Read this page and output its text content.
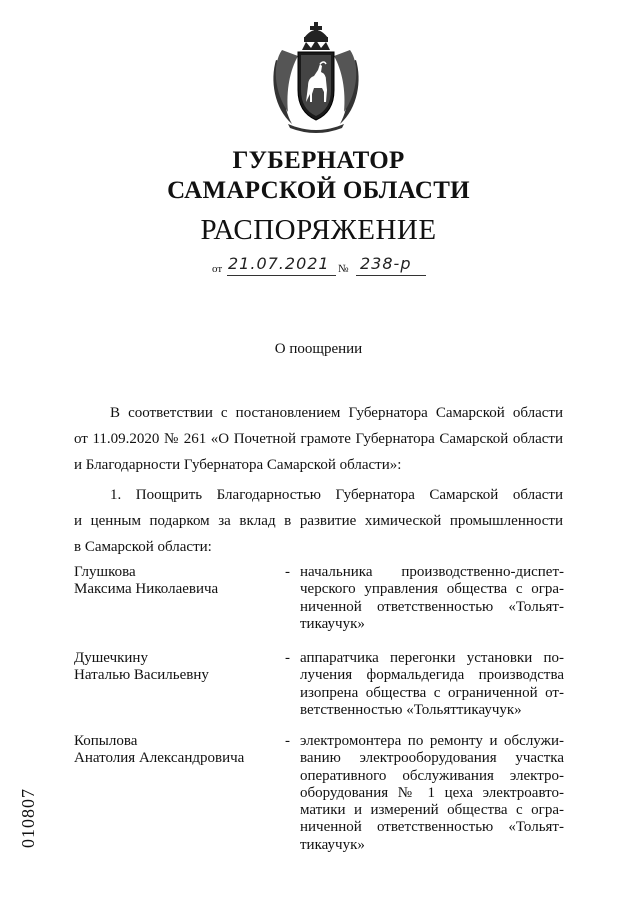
ГУБЕРНАТОР
САМАРСКОЙ ОБЛАСТИ
РАСПОРЯЖЕНИЕ
от 21.07.2021 № 238-р
О поощрении
В соответствии с постановлением Губернатора Самарской области
от 11.09.2020 № 261 «О Почетной грамоте Губернатора Самарской области
и Благодарности Губернатора Самарской области»:
1. Поощрить Благодарностью Губернатора Самарской области
и ценным подарком за вклад в развитие химической промышленности
в Самарской области:
Глушкова
Максима Николаевича
- начальника производственно-диспет-
черского управления общества с огра-
ниченной ответственностью «Тольят-
тикаучук»
Душечкину
Наталью Васильевну
- аппаратчика перегонки установки по-
лучения формальдегида производства
изопрена общества с ограниченной от-
ветственностью «Тольяттикаучук»
Копылова
Анатолия Александровича
- электромонтера по ремонту и обслужи-
ванию электрооборудования участка
оперативного обслуживания электро-
оборудования № 1 цеха электроавто-
матики и измерений общества с огра-
ниченной ответственностью «Тольят-
тикаучук»
010807
